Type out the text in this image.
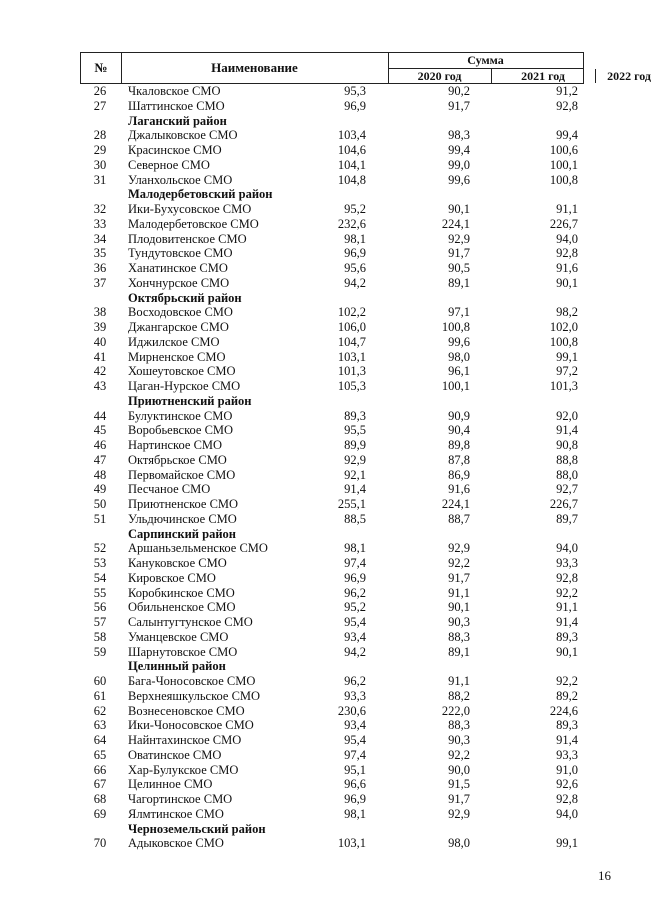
№	Наименование	Сумма
2020 год	2021 год	2022 год
26	Чкаловское СМО	95,3	90,2	91,2
27	Шаттинское СМО	96,9	91,7	92,8
Лаганский район
28	Джалыковское СМО	103,4	98,3	99,4
29	Красинское СМО	104,6	99,4	100,6
30	Северное СМО	104,1	99,0	100,1
31	Уланхольское СМО	104,8	99,6	100,8
Малодербетовский район
32	Ики-Бухусовское СМО	95,2	90,1	91,1
33	Малодербетовское СМО	232,6	224,1	226,7
34	Плодовитенское СМО	98,1	92,9	94,0
35	Тундутовское СМО	96,9	91,7	92,8
36	Ханатинское СМО	95,6	90,5	91,6
37	Хончнурское СМО	94,2	89,1	90,1
Октябрьский район
38	Восходовское СМО	102,2	97,1	98,2
39	Джангарское СМО	106,0	100,8	102,0
40	Иджилское СМО	104,7	99,6	100,8
41	Мирненское СМО	103,1	98,0	99,1
42	Хошеутовское СМО	101,3	96,1	97,2
43	Цаган-Нурское СМО	105,3	100,1	101,3
Приютненский район
44	Булуктинское СМО	89,3	90,9	92,0
45	Воробьевское СМО	95,5	90,4	91,4
46	Нартинское СМО	89,9	89,8	90,8
47	Октябрьское СМО	92,9	87,8	88,8
48	Первомайское СМО	92,1	86,9	88,0
49	Песчаное СМО	91,4	91,6	92,7
50	Приютненское СМО	255,1	224,1	226,7
51	Ульдючинское СМО	88,5	88,7	89,7
Сарпинский район
52	Аршаньзельменское СМО	98,1	92,9	94,0
53	Кануковское СМО	97,4	92,2	93,3
54	Кировское СМО	96,9	91,7	92,8
55	Коробкинское СМО	96,2	91,1	92,2
56	Обильненское СМО	95,2	90,1	91,1
57	Салынтугтунское СМО	95,4	90,3	91,4
58	Уманцевское СМО	93,4	88,3	89,3
59	Шарнутовское СМО	94,2	89,1	90,1
Целинный район
60	Бага-Чоносовское СМО	96,2	91,1	92,2
61	Верхнеяшкульское СМО	93,3	88,2	89,2
62	Вознесеновское СМО	230,6	222,0	224,6
63	Ики-Чоносовское СМО	93,4	88,3	89,3
64	Найнтахинское СМО	95,4	90,3	91,4
65	Оватинское СМО	97,4	92,2	93,3
66	Хар-Булукское СМО	95,1	90,0	91,0
67	Целинное СМО	96,6	91,5	92,6
68	Чагортинское СМО	96,9	91,7	92,8
69	Ялмтинское СМО	98,1	92,9	94,0
Черноземельский район
70	Адыковское СМО	103,1	98,0	99,1
16
